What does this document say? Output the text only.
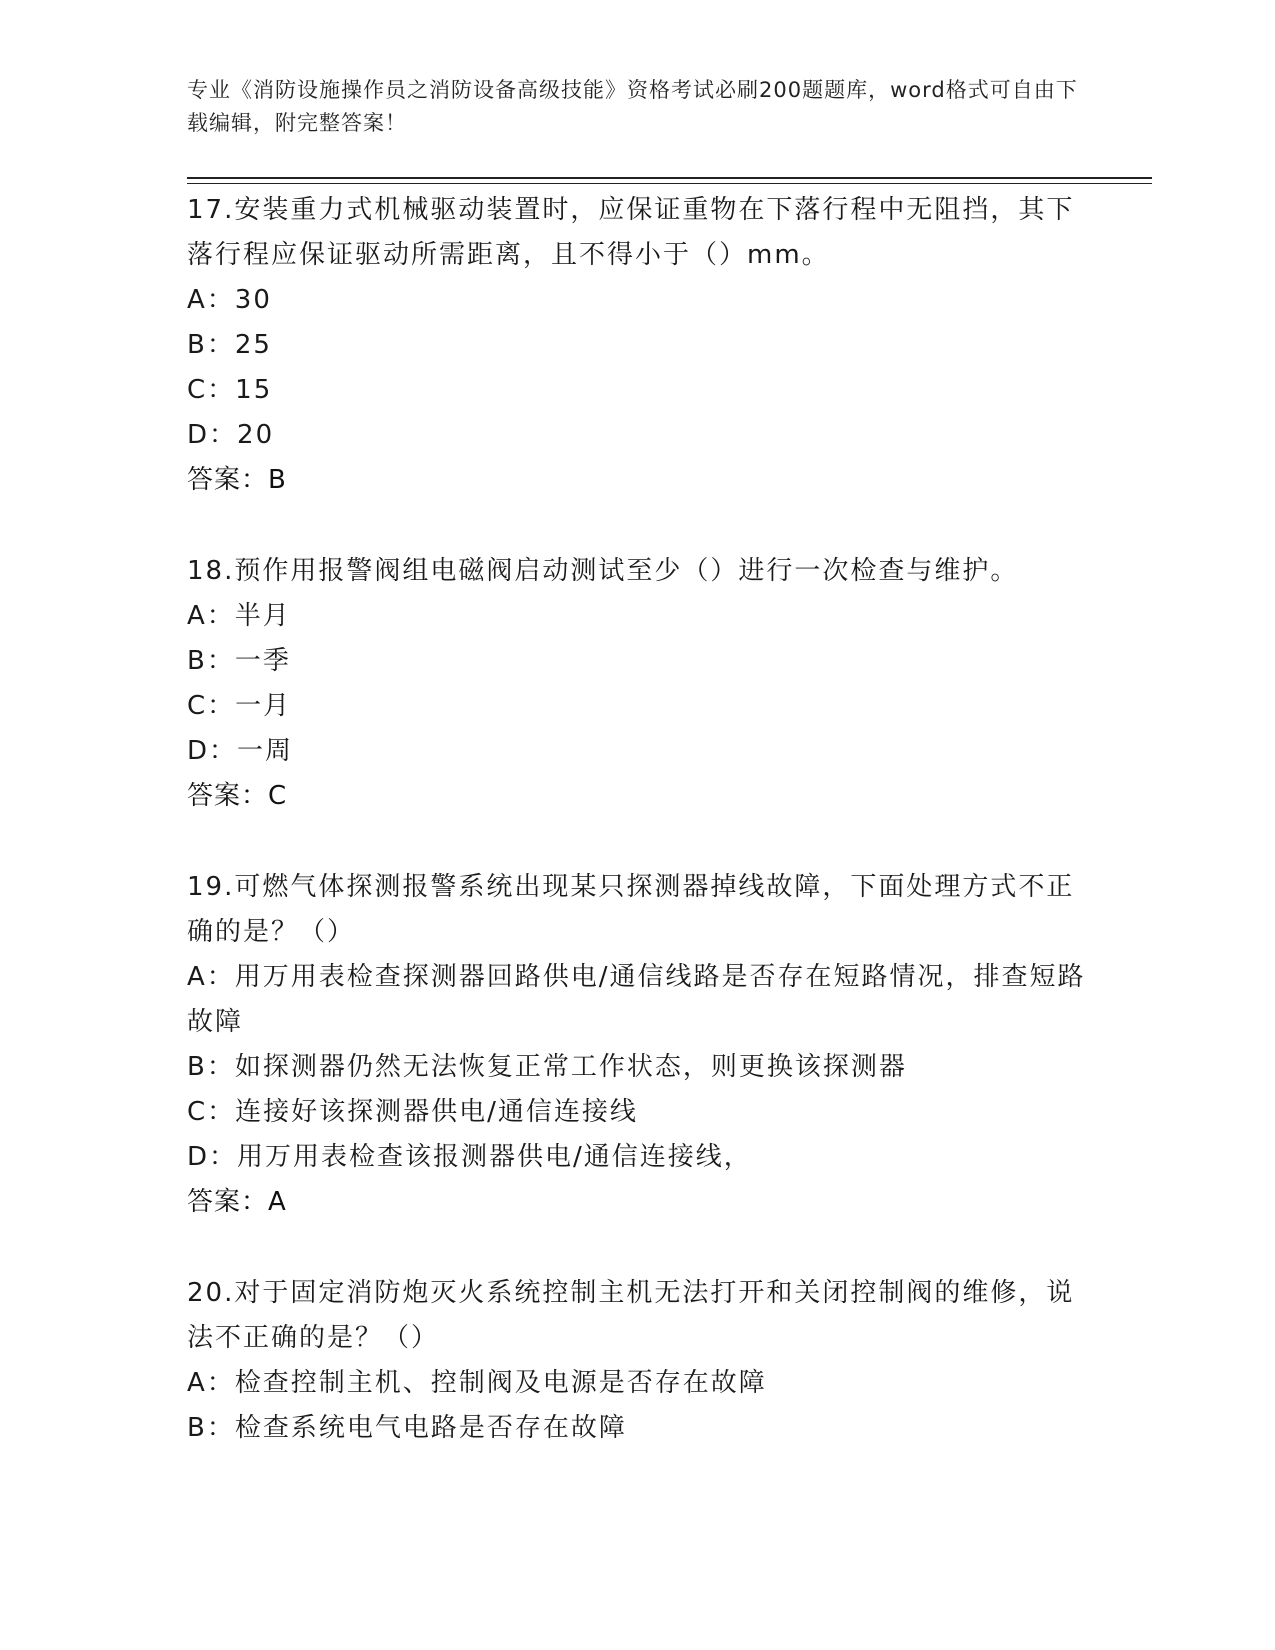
专业《消防设施操作员之消防设备高级技能》资格考试必刷200题题库，word格式可自由下载编辑，附完整答案！
17.安装重力式机械驱动装置时，应保证重物在下落行程中无阻挡，其下落行程应保证驱动所需距离，且不得小于（）mm。
A：30
B：25
C：15
D：20
答案：B
18.预作用报警阀组电磁阀启动测试至少（）进行一次检查与维护。
A：半月
B：一季
C：一月
D：一周
答案：C
19.可燃气体探测报警系统出现某只探测器掉线故障，下面处理方式不正确的是？（）
A：用万用表检查探测器回路供电/通信线路是否存在短路情况，排查短路故障
B：如探测器仍然无法恢复正常工作状态，则更换该探测器
C：连接好该探测器供电/通信连接线
D：用万用表检查该报测器供电/通信连接线，
答案：A
20.对于固定消防炮灭火系统控制主机无法打开和关闭控制阀的维修，说法不正确的是？（）
A：检查控制主机、控制阀及电源是否存在故障
B：检查系统电气电路是否存在故障
